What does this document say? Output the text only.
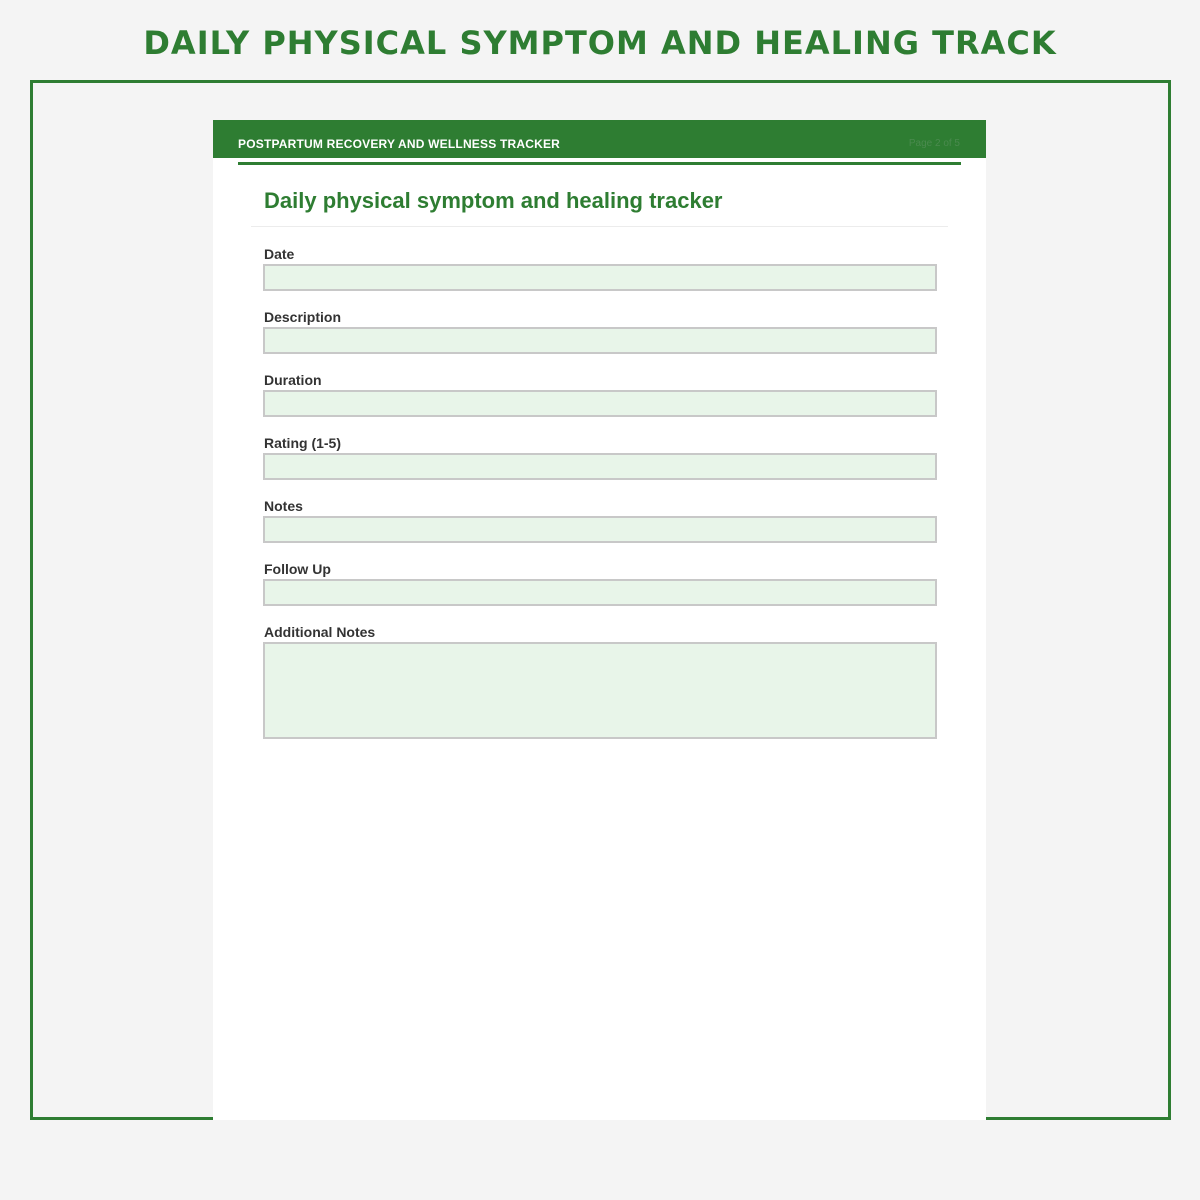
DAILY PHYSICAL SYMPTOM AND HEALING TRACK
POSTPARTUM RECOVERY AND WELLNESS TRACKER	Page 2 of 5
Daily physical symptom and healing tracker
Date
Description
Duration
Rating (1-5)
Notes
Follow Up
Additional Notes
